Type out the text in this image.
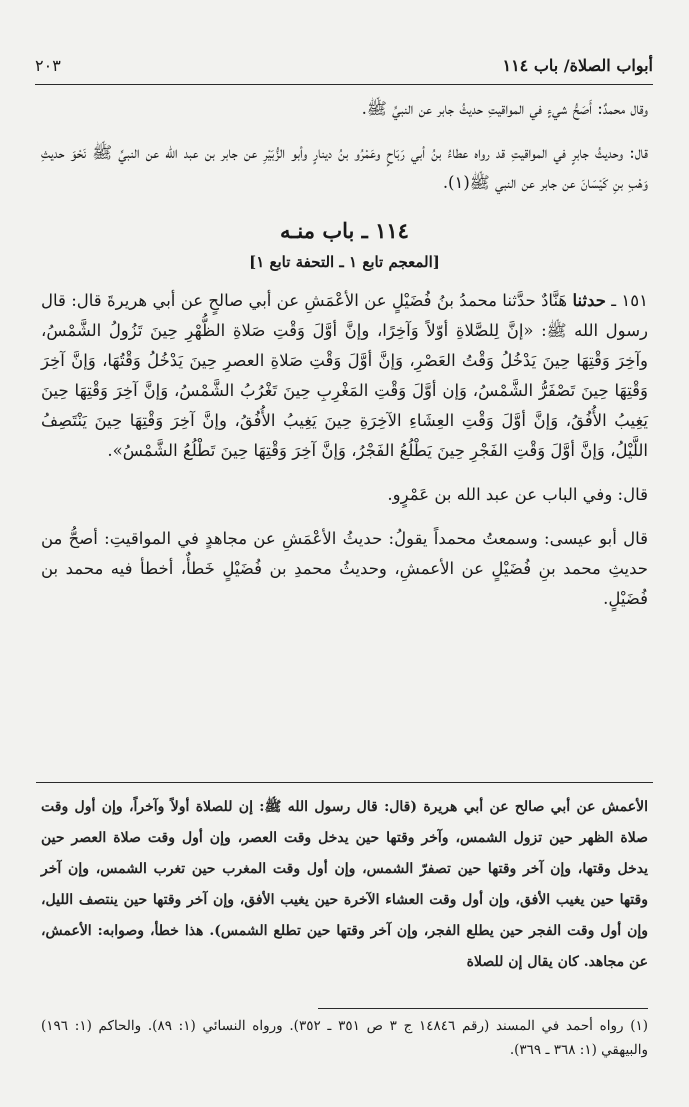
أبواب الصلاة/ باب ١١٤
٢٠٣

وقال محمدٌ: أَصَحُّ شيءٍ في المواقيتِ حديثُ جابر عن النبيِّ ﷺ.

قال: وحديثُ جابرٍ في المواقيتِ قد رواه عطاءُ بنُ أبي رَبَاحٍ وعَمْرُو بنُ دينارٍ وأبو الزُّبَيْرِ عن جابر بن عبد الله عن النبيِّ ﷺ نَحْوَ حديثِ وَهْبِ بنِ كَيْسَانَ عن جابر عن النبي ﷺ(١).

١١٤ ـ باب منـه
[المعجم تابع ١ ـ التحفة تابع ١]

١٥١ ـ حدثنا هَنَّادٌ حدَّثنا محمدُ بنُ فُضَيْلٍ عن الأعْمَشِ عن أبي صالحٍ عن أبي هريرةَ قال: قال رسول الله ﷺ: «إنَّ لِلصَّلاةِ أوّلاً وَآخِرًا، وإنَّ أوَّلَ وَقْتِ صَلاةِ الظُّهْرِ حِينَ تَزُولُ الشَّمْسُ، وآخِرَ وَقْتِهَا حِينَ يَدْخُلُ وَقْتُ العَصْرِ، وَإنَّ أوَّلَ وَقْتِ صَلاةِ العصرِ حِينَ يَدْخُلُ وَقْتُهَا، وَإنَّ آخِرَ وَقْتِهَا حِينَ تَصْفَرُّ الشَّمْسُ، وَإن أوَّلَ وَقْتِ المَغْرِبِ حِينَ تَغْرُبُ الشَّمْسُ، وَإنَّ آخِرَ وَقْتِهَا حِينَ يَغِيبُ الأُفُقُ، وَإنَّ أوَّلَ وَقْتِ العِشَاءِ الآخِرَةِ حِينَ يَغِيبُ الأُفُقُ، وإنَّ آخِرَ وَقْتِهَا حِينَ يَنْتَصِفُ اللَّيْلُ، وَإنَّ أوَّلَ وَقْتِ الفَجْرِ حِينَ يَطْلُعُ الفَجْرُ، وَإنَّ آخِرَ وَقْتِهَا حِينَ تَطْلُعُ الشَّمْسُ».

قال: وفي الباب عن عبد الله بن عَمْرٍو.

قال أبو عيسى: وسمعتُ محمداً يقولُ: حديثُ الأعْمَشِ عن مجاهدٍ في المواقيتِ: أصحُّ من حديثِ محمد بنِ فُضَيْلٍ عن الأعمشِ، وحديثُ محمدِ بن فُضَيْلٍ خَطأٌ، أخطأ فيه محمد بن فُضَيْلٍ.

الأعمش عن أبي صالح عن أبي هريرة (قال: قال رسول الله ﷺ: إن للصلاة أولاً وآخراً، وإن أول وقت صلاة الظهر حين تزول الشمس، وآخر وقتها حين يدخل وقت العصر، وإن أول وقت صلاة العصر حين يدخل وقتها، وإن آخر وقتها حين تصفرّ الشمس، وإن أول وقت المغرب حين تغرب الشمس، وإن آخر وقتها حين يغيب الأفق، وإن أول وقت العشاء الآخرة حين يغيب الأفق، وإن آخر وقتها حين ينتصف الليل، وإن أول وقت الفجر حين يطلع الفجر، وإن آخر وقتها حين تطلع الشمس). هذا خطأ، وصوابه: الأعمش، عن مجاهد. كان يقال إن للصلاة

(١) رواه أحمد في المسند (رقم ١٤٨٤٦ ج ٣ ص ٣٥١ ـ ٣٥٢). ورواه النسائي (١: ٨٩). والحاكم (١: ١٩٦) والبيهقي (١: ٣٦٨ ـ ٣٦٩).
